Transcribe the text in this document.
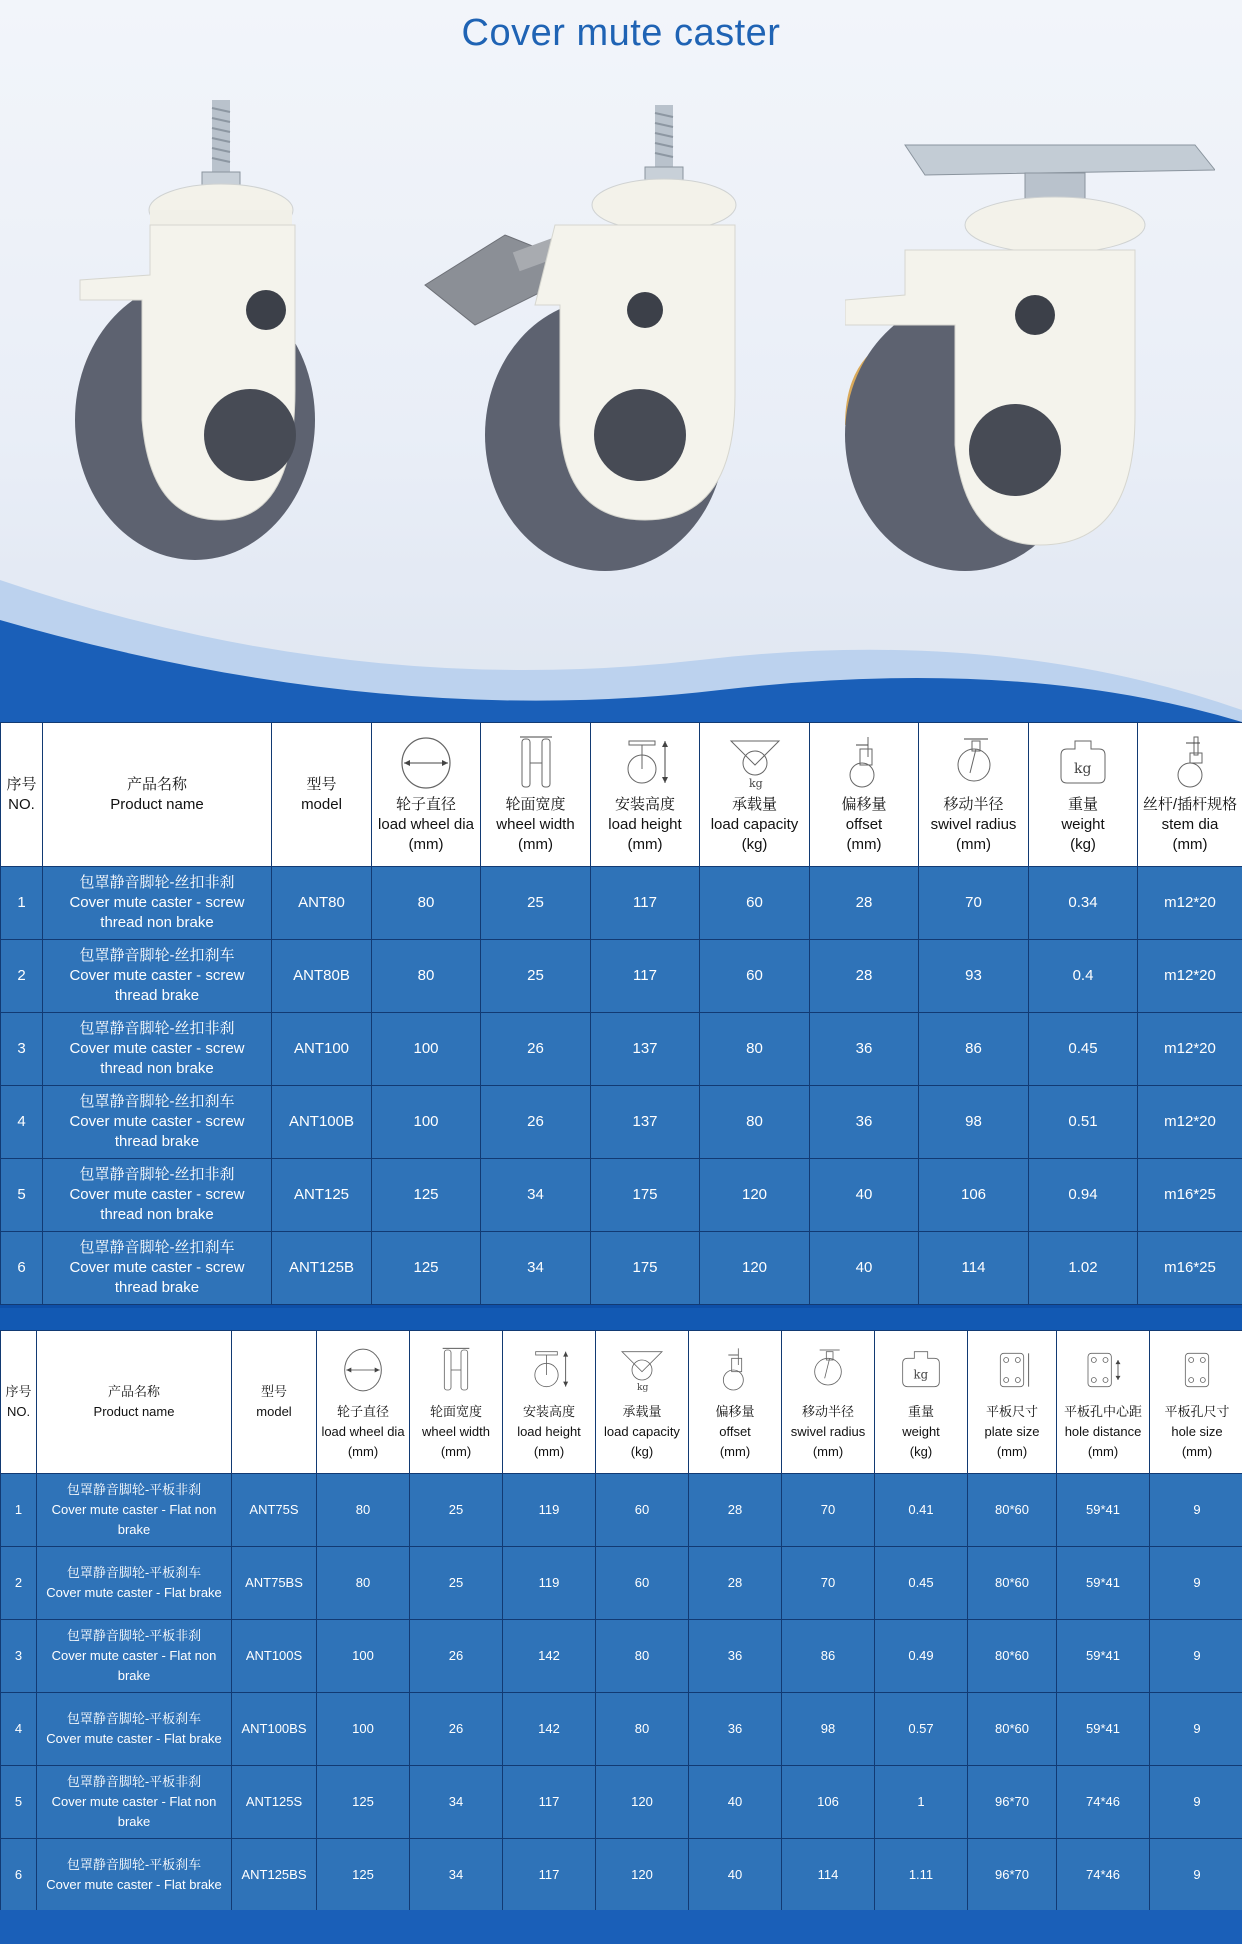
Cover mute caster
序号
NO.	产品名称
Product name	型号
model	轮子直径
load wheel dia
(mm)	轮面宽度
wheel width
(mm)	安装高度
load height
(mm)	kg
承载量
load capacity
(kg)	偏移量
offset
(mm)	移动半径
swivel radius
(mm)	kg
重量
weight
(kg)	丝杆/插杆规格
stem dia
(mm)

1	包罩静音脚轮-丝扣非刹
Cover mute caster - screw thread non brake	ANT80	80	25	117	60	28	70	0.34	m12*20
2	包罩静音脚轮-丝扣刹车
Cover mute caster - screw thread brake	ANT80B	80	25	117	60	28	93	0.4	m12*20
3	包罩静音脚轮-丝扣非刹
Cover mute caster - screw thread non brake	ANT100	100	26	137	80	36	86	0.45	m12*20
4	包罩静音脚轮-丝扣刹车
Cover mute caster - screw thread brake	ANT100B	100	26	137	80	36	98	0.51	m12*20
5	包罩静音脚轮-丝扣非刹
Cover mute caster - screw thread non brake	ANT125	125	34	175	120	40	106	0.94	m16*25
6	包罩静音脚轮-丝扣刹车
Cover mute caster - screw thread brake	ANT125B	125	34	175	120	40	114	1.02	m16*25
序号
NO.	产品名称
Product name	型号
model	轮子直径
load wheel dia
(mm)	轮面宽度
wheel width
(mm)	安装高度
load height
(mm)	kg
承载量
load capacity
(kg)	偏移量
offset
(mm)	移动半径
swivel radius
(mm)	kg
重量
weight
(kg)	平板尺寸
plate size
(mm)	平板孔中心距
hole distance
(mm)	平板孔尺寸
hole size
(mm)

1	包罩静音脚轮-平板非刹
Cover mute caster - Flat non brake	ANT75S	80	25	119	60	28	70	0.41	80*60	59*41	9
2	包罩静音脚轮-平板刹车
Cover mute caster - Flat brake	ANT75BS	80	25	119	60	28	70	0.45	80*60	59*41	9
3	包罩静音脚轮-平板非刹
Cover mute caster - Flat non brake	ANT100S	100	26	142	80	36	86	0.49	80*60	59*41	9
4	包罩静音脚轮-平板刹车
Cover mute caster - Flat brake	ANT100BS	100	26	142	80	36	98	0.57	80*60	59*41	9
5	包罩静音脚轮-平板非刹
Cover mute caster - Flat non brake	ANT125S	125	34	117	120	40	106	1	96*70	74*46	9
6	包罩静音脚轮-平板刹车
Cover mute caster - Flat brake	ANT125BS	125	34	117	120	40	114	1.11	96*70	74*46	9
